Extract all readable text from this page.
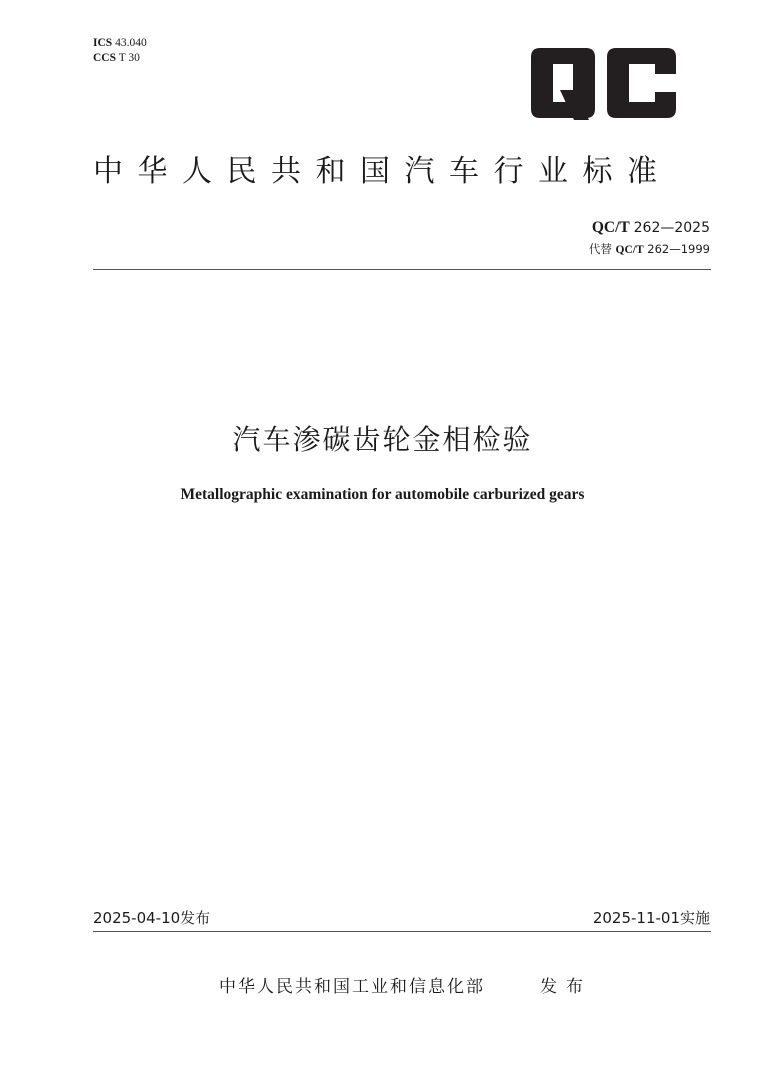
ICS 43.040
CCS T 30
中华人民共和国汽车行业标准
QC/T 262—2025
代替 QC/T 262—1999
汽车渗碳齿轮金相检验
Metallographic examination for automobile carburized gears
2025-04-10发布	2025-11-01实施
中华人民共和国工业和信息化部	发布
